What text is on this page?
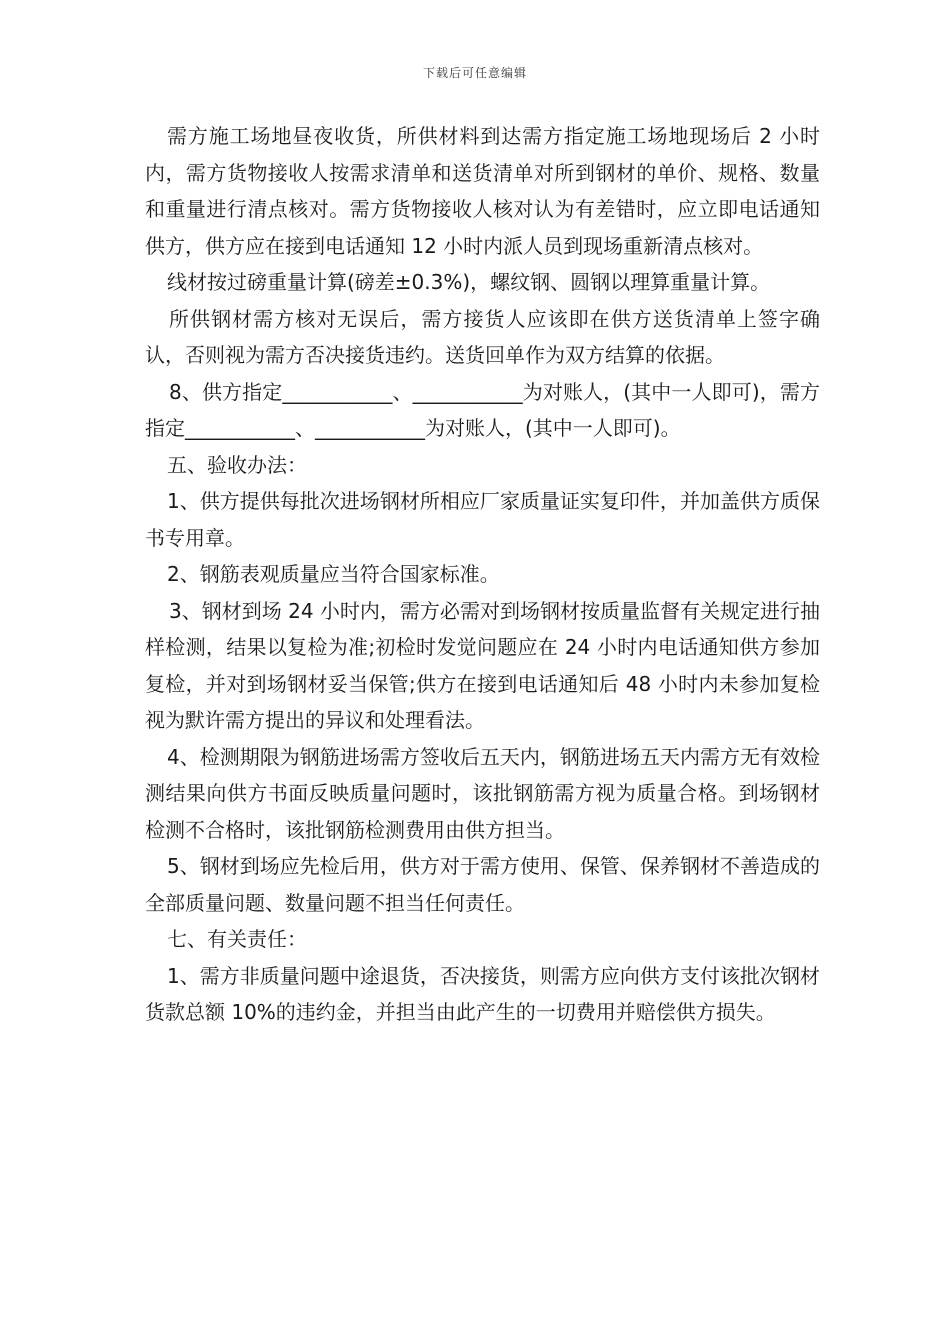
下载后可任意编辑

需方施工场地昼夜收货，所供材料到达需方指定施工场地现场后 2 小时内，需方货物接收人按需求清单和送货清单对所到钢材的单价、规格、数量和重量进行清点核对。需方货物接收人核对认为有差错时，应立即电话通知供方，供方应在接到电话通知 12 小时内派人员到现场重新清点核对。

线材按过磅重量计算(磅差±0.3%)，螺纹钢、圆钢以理算重量计算。

所供钢材需方核对无误后，需方接货人应该即在供方送货清单上签字确认，否则视为需方否决接货违约。送货回单作为双方结算的依据。

8、供方指定___________、___________为对账人，(其中一人即可)，需方指定___________、___________为对账人，(其中一人即可)。

五、验收办法：

1、供方提供每批次进场钢材所相应厂家质量证实复印件，并加盖供方质保书专用章。

2、钢筋表观质量应当符合国家标准。

3、钢材到场 24 小时内，需方必需对到场钢材按质量监督有关规定进行抽样检测，结果以复检为准;初检时发觉问题应在 24 小时内电话通知供方参加复检，并对到场钢材妥当保管;供方在接到电话通知后 48 小时内未参加复检视为默许需方提出的异议和处理看法。

4、检测期限为钢筋进场需方签收后五天内，钢筋进场五天内需方无有效检测结果向供方书面反映质量问题时，该批钢筋需方视为质量合格。到场钢材检测不合格时，该批钢筋检测费用由供方担当。

5、钢材到场应先检后用，供方对于需方使用、保管、保养钢材不善造成的全部质量问题、数量问题不担当任何责任。

七、有关责任：

1、需方非质量问题中途退货，否决接货，则需方应向供方支付该批次钢材货款总额 10%的违约金，并担当由此产生的一切费用并赔偿供方损失。
